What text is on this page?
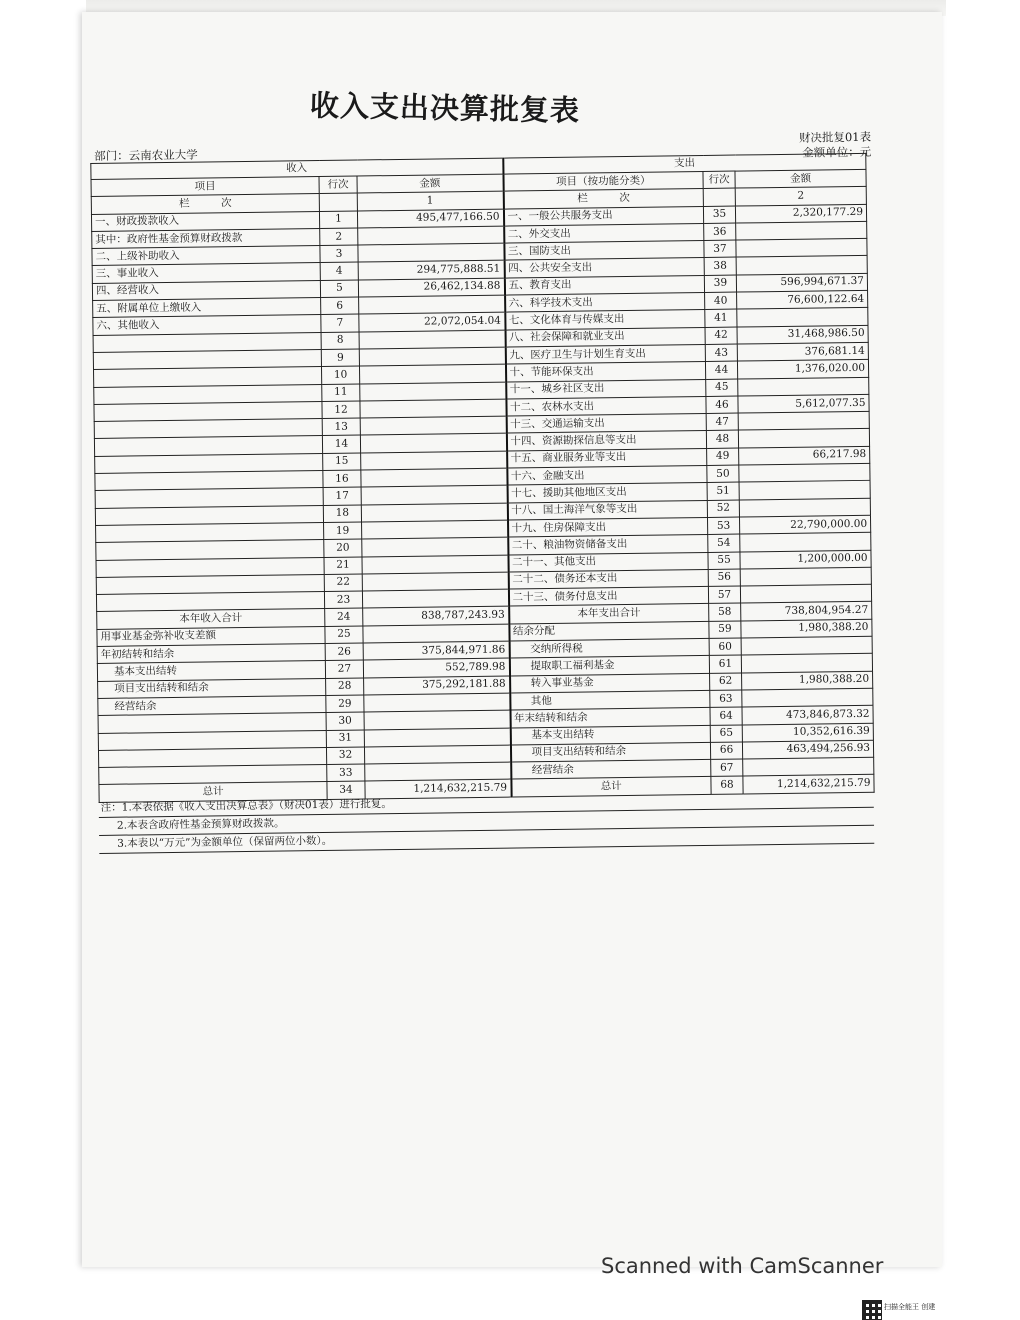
收入支出决算批复表
部门：云南农业大学
财决批复01表
金额单位：元
收入			支出		
项目	行次	金额	项目（按功能分类）	行次	金额
栏　　　次		1	栏　　　次		2
一、财政拨款收入	1	495,477,166.50	一、一般公共服务支出	35	2,320,177.29
其中：政府性基金预算财政拨款	2		二、外交支出	36	
二、上级补助收入	3		三、国防支出	37	
三、事业收入	4	294,775,888.51	四、公共安全支出	38	
四、经营收入	5	26,462,134.88	五、教育支出	39	596,994,671.37
五、附属单位上缴收入	6		六、科学技术支出	40	76,600,122.64
六、其他收入	7	22,072,054.04	七、文化体育与传媒支出	41	
	8		八、社会保障和就业支出	42	31,468,986.50
	9		九、医疗卫生与计划生育支出	43	376,681.14
	10		十、节能环保支出	44	1,376,020.00
	11		十一、城乡社区支出	45	
	12		十二、农林水支出	46	5,612,077.35
	13		十三、交通运输支出	47	
	14		十四、资源勘探信息等支出	48	
	15		十五、商业服务业等支出	49	66,217.98
	16		十六、金融支出	50	
	17		十七、援助其他地区支出	51	
	18		十八、国土海洋气象等支出	52	
	19		十九、住房保障支出	53	22,790,000.00
	20		二十、粮油物资储备支出	54	
	21		二十一、其他支出	55	1,200,000.00
	22		二十二、债务还本支出	56	
	23		二十三、债务付息支出	57	
本年收入合计	24	838,787,243.93	本年支出合计	58	738,804,954.27
用事业基金弥补收支差额	25		结余分配	59	1,980,388.20
年初结转和结余	26	375,844,971.86	交纳所得税	60	
基本支出结转	27	552,789.98	提取职工福利基金	61	
项目支出结转和结余	28	375,292,181.88	转入事业基金	62	1,980,388.20
经营结余	29		其他	63	
	30		年末结转和结余	64	473,846,873.32
	31		基本支出结转	65	10,352,616.39
	32		项目支出结转和结余	66	463,494,256.93
	33		经营结余	67	
总计	34	1,214,632,215.79	总计	68	1,214,632,215.79
注：1.本表依据《收入支出决算总表》（财决01表）进行批复。
2.本表含政府性基金预算财政拨款。
3.本表以“万元”为金额单位（保留两位小数）。
Scanned with CamScanner
扫描全能王 创建
